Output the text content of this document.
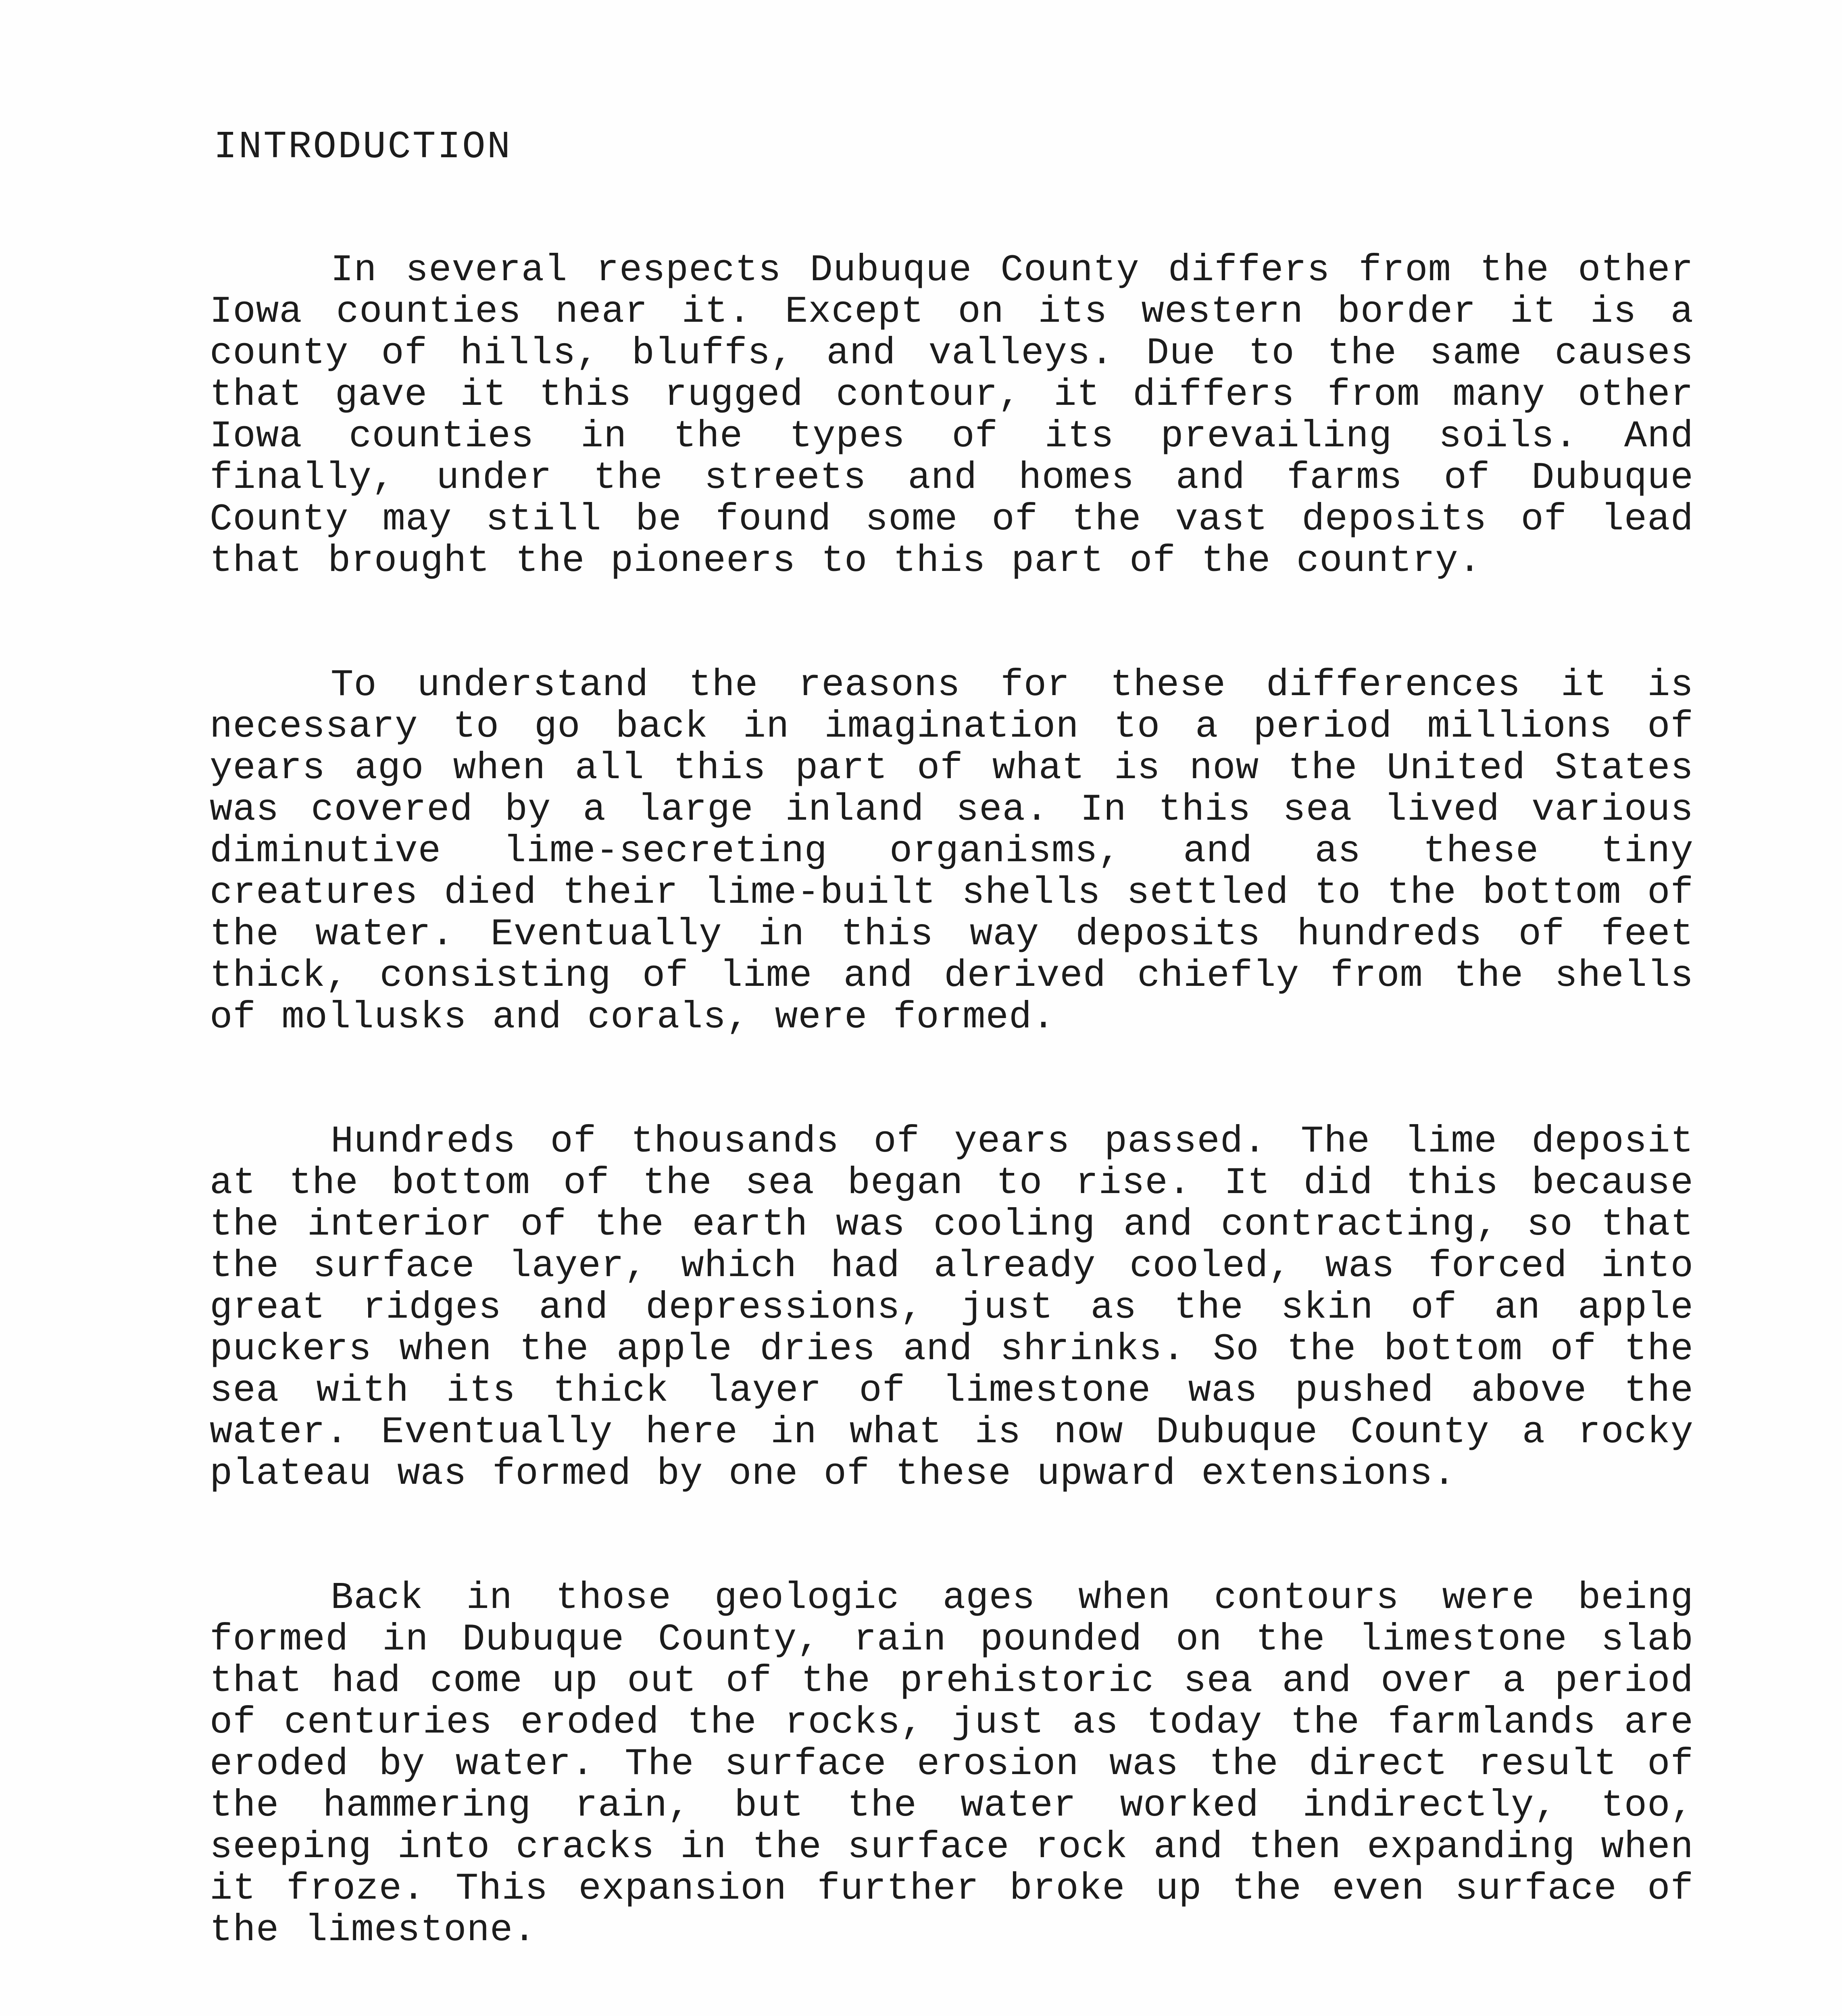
INTRODUCTION

In several respects Dubuque County differs from the other Iowa counties near it. Except on its western border it is a county of hills, bluffs, and valleys. Due to the same causes that gave it this rugged contour, it differs from many other Iowa counties in the types of its prevailing soils. And finally, under the streets and homes and farms of Dubuque County may still be found some of the vast deposits of lead that brought the pioneers to this part of the country.

To understand the reasons for these differences it is necessary to go back in imagination to a period millions of years ago when all this part of what is now the United States was covered by a large inland sea. In this sea lived various diminutive lime-secreting organisms, and as these tiny creatures died their lime-built shells settled to the bottom of the water. Eventually in this way deposits hundreds of feet thick, consisting of lime and derived chiefly from the shells of mollusks and corals, were formed.

Hundreds of thousands of years passed. The lime deposit at the bottom of the sea began to rise. It did this because the interior of the earth was cooling and contracting, so that the surface layer, which had already cooled, was forced into great ridges and depressions, just as the skin of an apple puckers when the apple dries and shrinks. So the bottom of the sea with its thick layer of limestone was pushed above the water. Eventually here in what is now Dubuque County a rocky plateau was formed by one of these upward extensions.

Back in those geologic ages when contours were being formed in Dubuque County, rain pounded on the limestone slab that had come up out of the prehistoric sea and over a period of centuries eroded the rocks, just as today the farmlands are eroded by water. The surface erosion was the direct result of the hammering rain, but the water worked indirectly, too, seeping into cracks in the surface rock and then expanding when it froze. This expansion further broke up the even surface of the limestone.
